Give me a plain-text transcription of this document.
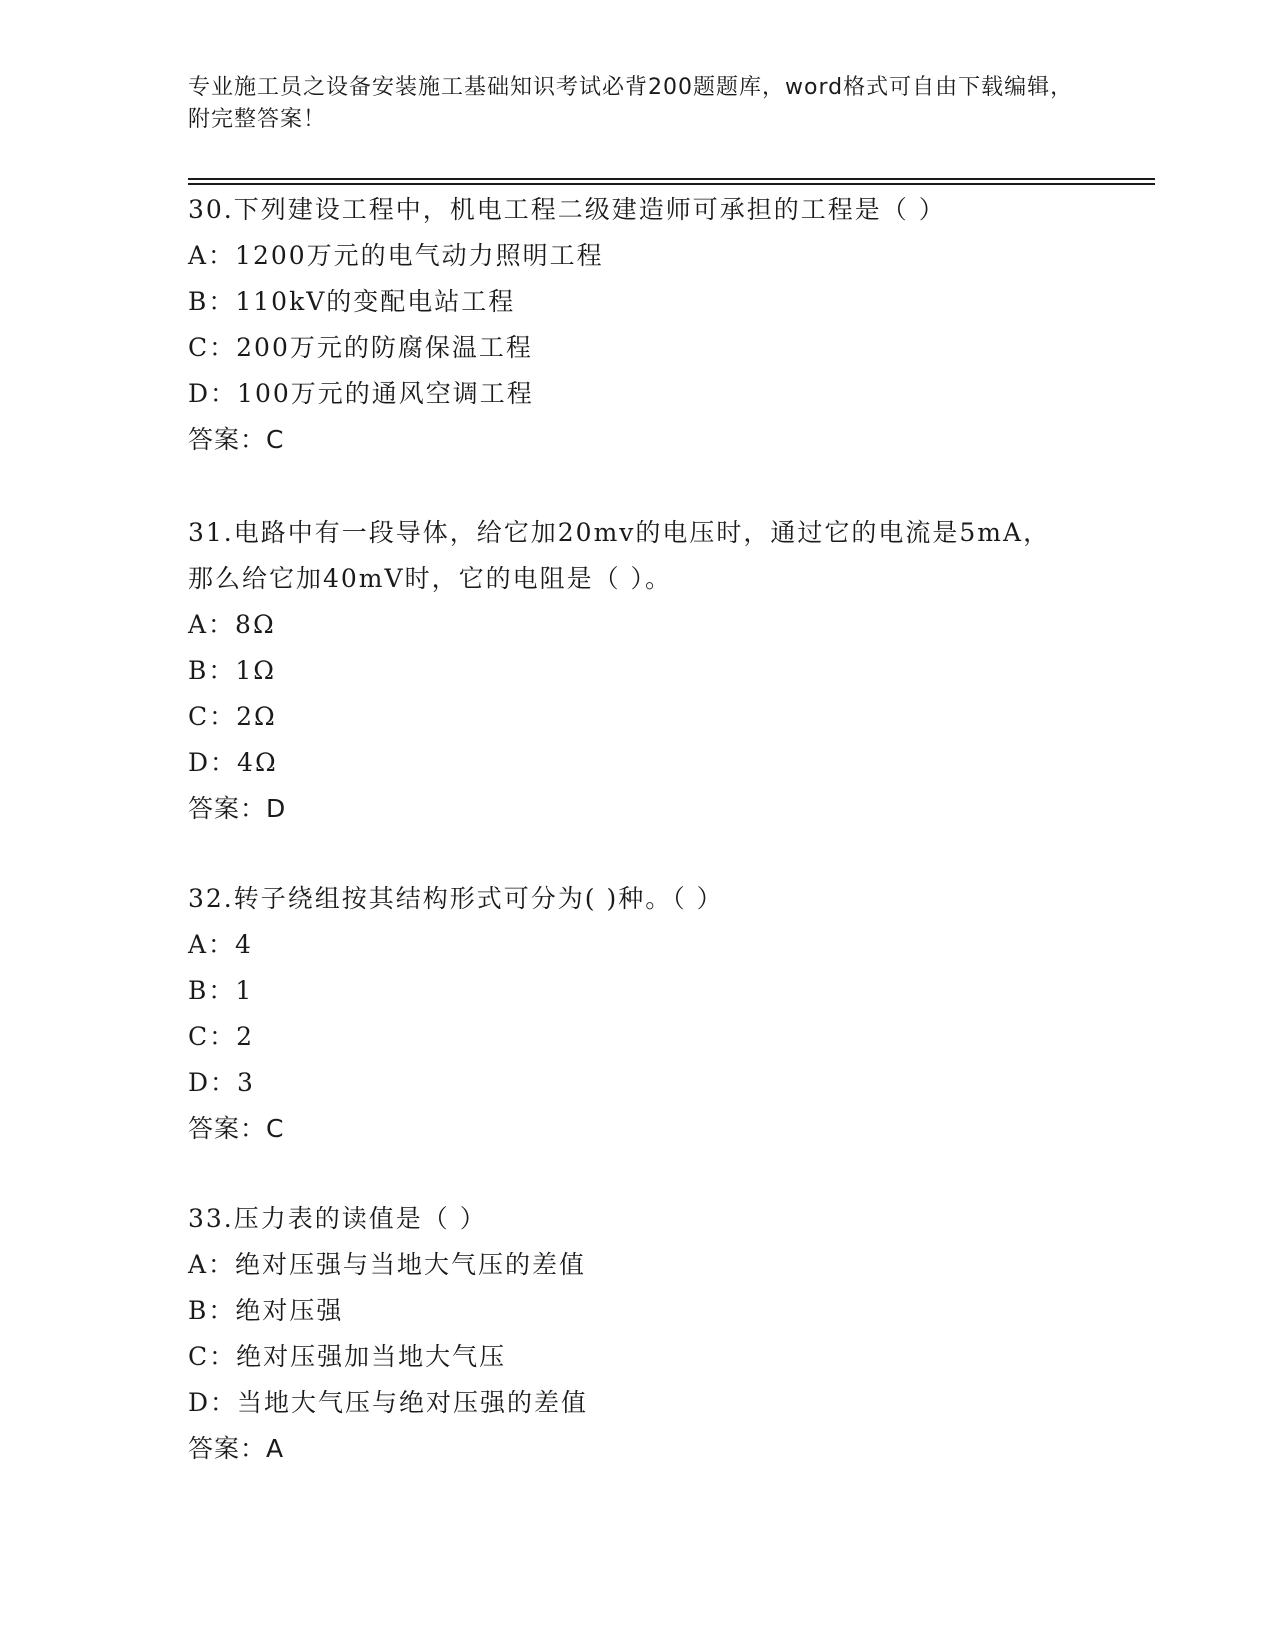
专业施工员之设备安装施工基础知识考试必背200题题库，word格式可自由下载编辑，附完整答案！

30.下列建设工程中，机电工程二级建造师可承担的工程是（ ）
A：1200万元的电气动力照明工程
B：110kV的变配电站工程
C：200万元的防腐保温工程
D：100万元的通风空调工程
答案：C
31.电路中有一段导体，给它加20mv的电压时，通过它的电流是5mA，
那么给它加40mV时，它的电阻是（ ）。
A：8Ω
B：1Ω
C：2Ω
D：4Ω
答案：D
32.转子绕组按其结构形式可分为( )种。（ ）
A：4
B：1
C：2
D：3
答案：C
33.压力表的读值是（ ）
A：绝对压强与当地大气压的差值
B：绝对压强
C：绝对压强加当地大气压
D：当地大气压与绝对压强的差值
答案：A
